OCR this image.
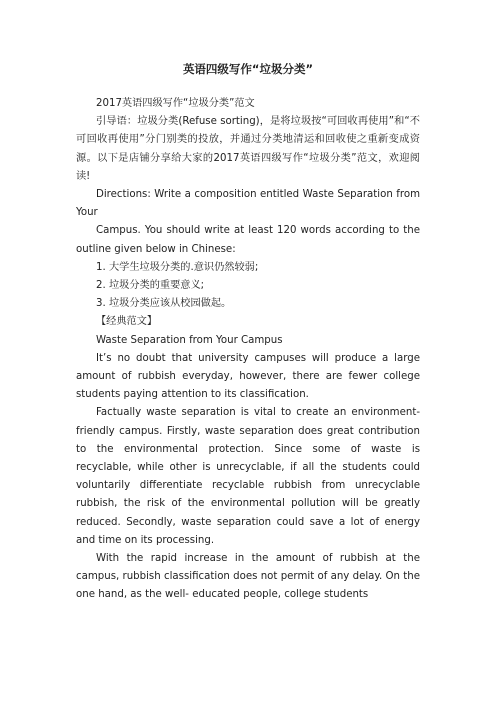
英语四级写作“垃圾分类”

2017英语四级写作“垃圾分类”范文

引导语：垃圾分类(Refuse sorting)，是将垃圾按“可回收再使用”和“不可回收再使用”分门别类的投放，并通过分类地清运和回收使之重新变成资源。以下是店铺分享给大家的2017英语四级写作“垃圾分类”范文，欢迎阅读!

Directions: Write a composition entitled Waste Separation from Your

Campus. You should write at least 120 words according to the outline given below in Chinese:

1. 大学生垃圾分类的.意识仍然较弱;

2. 垃圾分类的重要意义;

3. 垃圾分类应该从校园做起。

【经典范文】

Waste Separation from Your Campus

It’s no doubt that university campuses will produce a large amount of rubbish everyday, however, there are fewer college students paying attention to its classification.

Factually waste separation is vital to create an environment-friendly campus. Firstly, waste separation does great contribution to the environmental protection. Since some of waste is recyclable, while other is unrecyclable, if all the students could voluntarily differentiate recyclable rubbish from unrecyclable rubbish, the risk of the environmental pollution will be greatly reduced. Secondly, waste separation could save a lot of energy and time on its processing.

With the rapid increase in the amount of rubbish at the campus, rubbish classification does not permit of any delay. On the one hand, as the well- educated people, college students
